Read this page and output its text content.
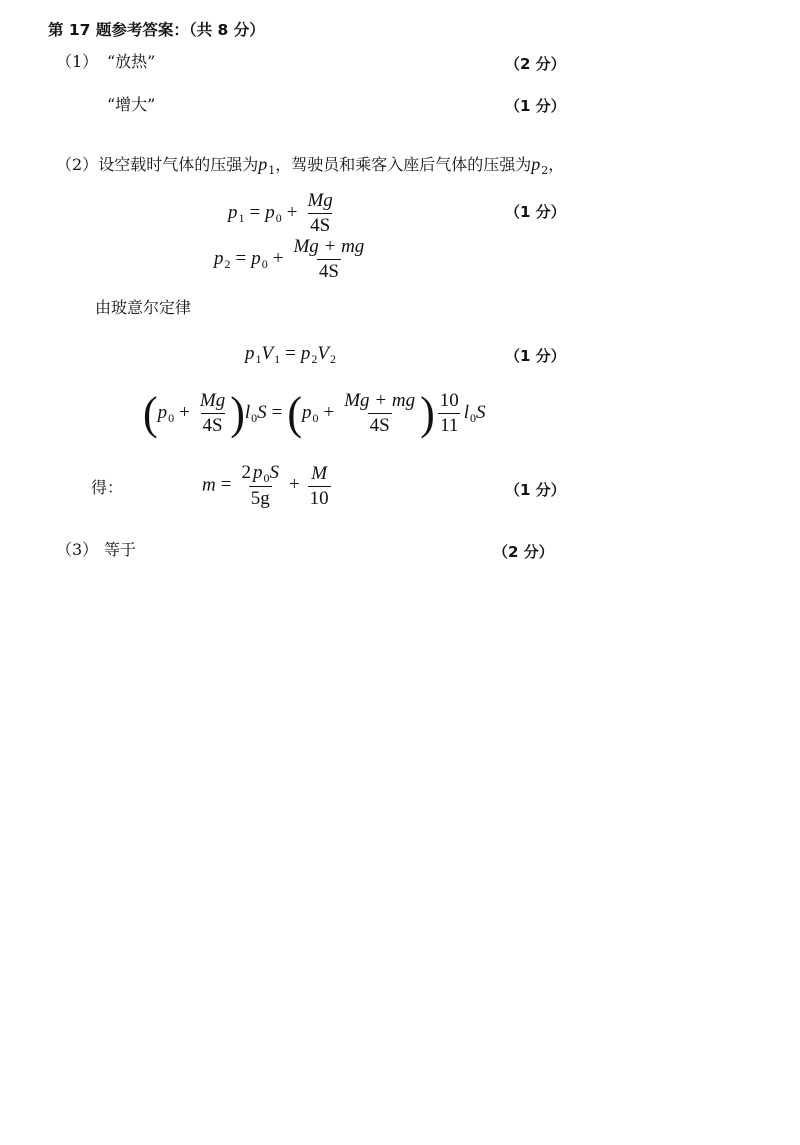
第 17 题参考答案：（共 8 分）
（1） “放热”	（2 分）
“增大”	（1 分）
（2）设空载时气体的压强为$p_1$，驾驶员和乘客入座后气体的压强为$p_2$，
$p_1 = p_0 + \frac{Mg}{4S}$	（1 分）
$p_2 = p_0 + \frac{Mg + mg}{4S}$
由玻意尔定律
$p_1V_1 = p_2V_2$	（1 分）
$(p_0 + \frac{Mg}{4S} )l_0S = (p_0 + \frac{Mg + mg}{4S}$ ) $\frac{10}{11} l_0S$
得：	$m = \frac{2 p_0S}{5g} + \frac{M}{10}$	（1 分）
（3） 等于	（2 分）
